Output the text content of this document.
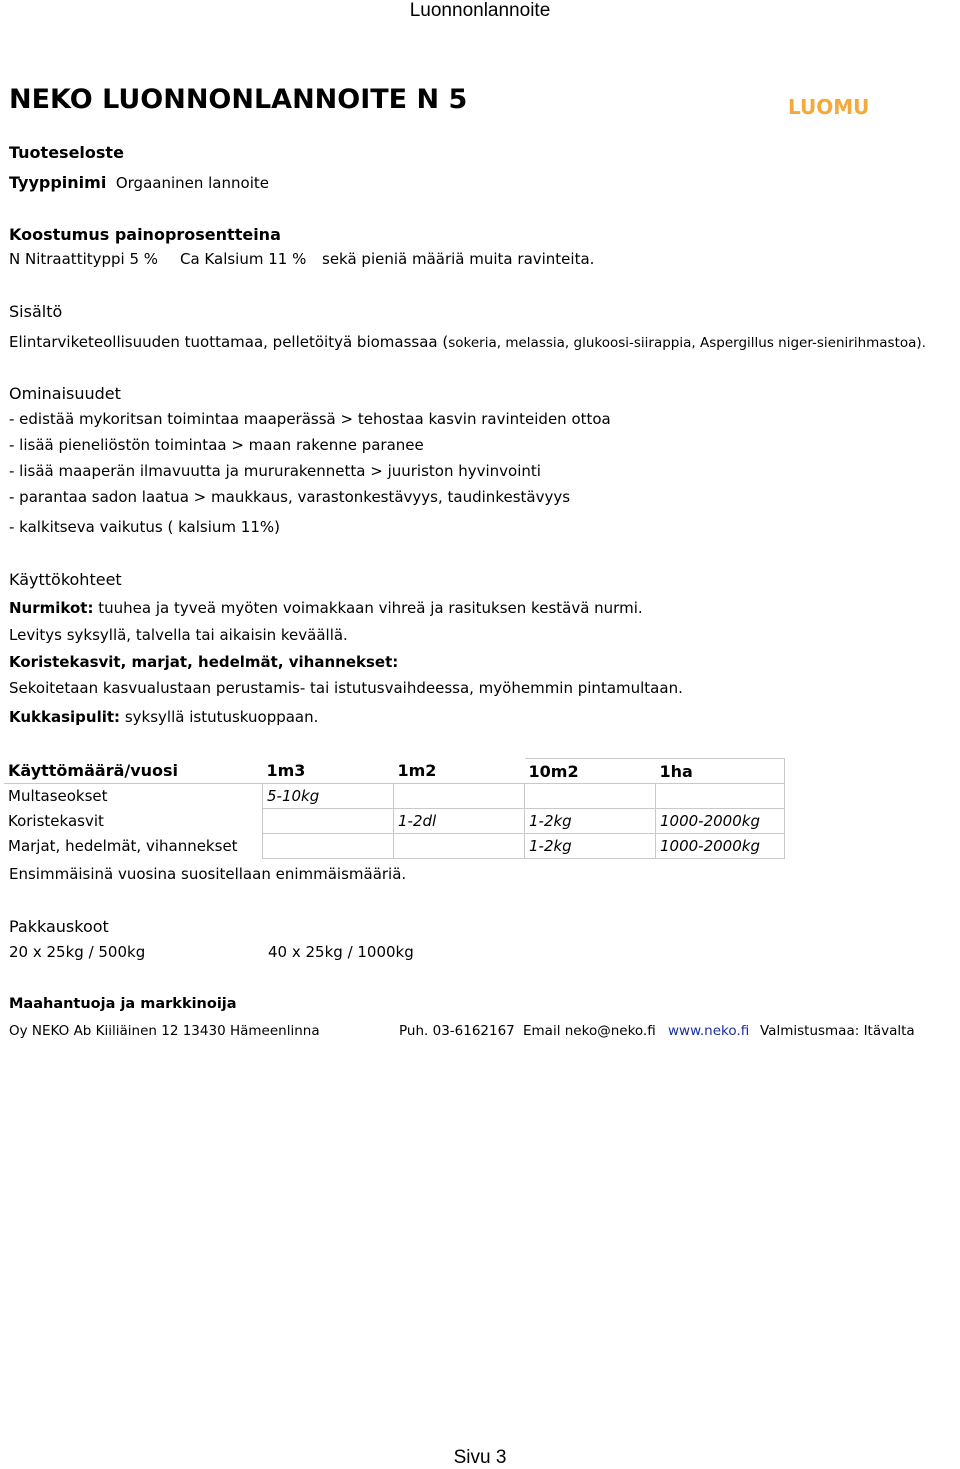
Luonnonlannoite
NEKO LUONNONLANNOITE N 5	LUOMU
Tuoteseloste
Tyyppinimi Orgaaninen lannoite
Koostumus painoprosentteina
N Nitraattityppi 5 % Ca Kalsium 11 % sekä pieniä määriä muita ravinteita.
Sisältö
Elintarviketeollisuuden tuottamaa, pelletöityä biomassaa (sokeria, melassia, glukoosi-siirappia, Aspergillus niger-sienirihmastoa).
Ominaisuudet
- edistää mykoritsan toimintaa maaperässä > tehostaa kasvin ravinteiden ottoa
- lisää pieneliöstön toimintaa > maan rakenne paranee
- lisää maaperän ilmavuutta ja mururakennetta > juuriston hyvinvointi
- parantaa sadon laatua > maukkaus, varastonkestävyys, taudinkestävyys
- kalkitseva vaikutus ( kalsium 11%)
Käyttökohteet
Nurmikot: tuuhea ja tyveä myöten voimakkaan vihreä ja rasituksen kestävä nurmi.
Levitys syksyllä, talvella tai aikaisin keväällä.
Koristekasvit, marjat, hedelmät, vihannekset:
Sekoitetaan kasvualustaan perustamis- tai istutusvaihdeessa, myöhemmin pintamultaan.
Kukkasipulit: syksyllä istutuskuoppaan.
Käyttömäärä/vuosi	1m3	1m2	10m2	1ha
Multaseokset	5-10kg			
Koristekasvit		1-2dl	1-2kg	1000-2000kg
Marjat, hedelmät, vihannekset			1-2kg	1000-2000kg
Ensimmäisinä vuosina suositellaan enimmäismääriä.
Pakkauskoot
20 x 25kg / 500kg	40 x 25kg / 1000kg
Maahantuoja ja markkinoija
Oy NEKO Ab Kiiliäinen 12 13430 Hämeenlinna	Puh. 03-6162167 Email neko@neko.fi www.neko.fi Valmistusmaa: Itävalta
Sivu 3
